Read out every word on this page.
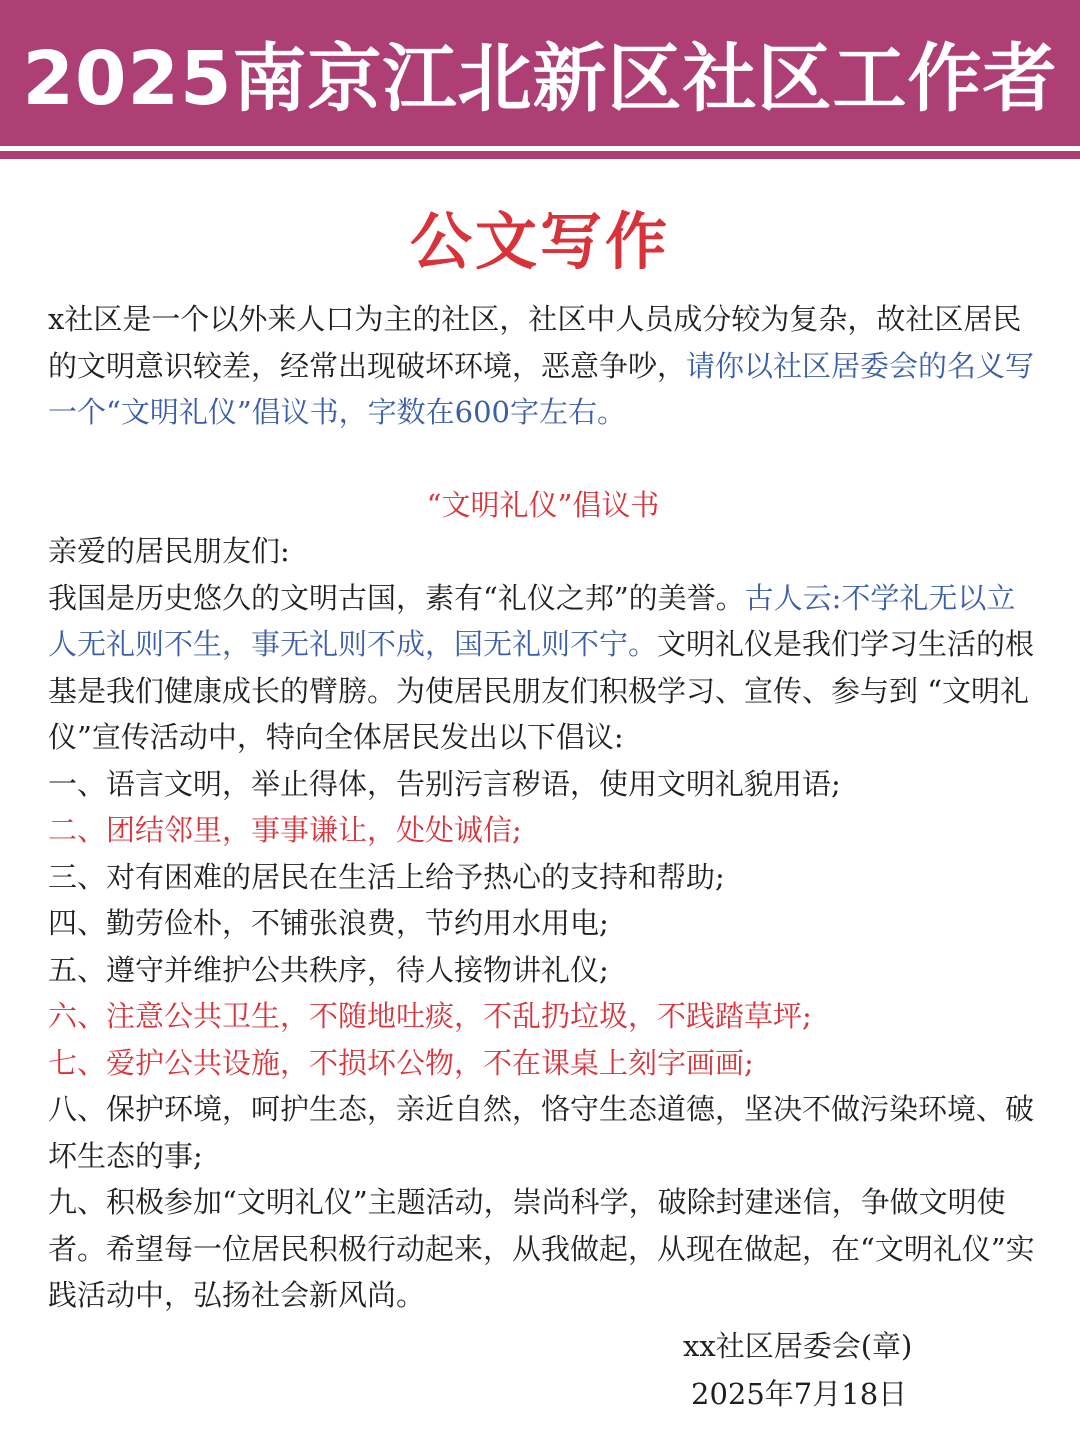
2025南京江北新区社区工作者
公文写作

x社区是一个以外来人口为主的社区，社区中人员成分较为复杂，故社区居民的文明意识较差，经常出现破坏环境，恶意争吵，请你以社区居委会的名义写一个“文明礼仪”倡议书，字数在600字左右。

“文明礼仪”倡议书

亲爱的居民朋友们:

我国是历史悠久的文明古国，素有“礼仪之邦”的美誉。古人云:不学礼无以立人无礼则不生，事无礼则不成，国无礼则不宁。文明礼仪是我们学习生活的根基是我们健康成长的臂膀。为使居民朋友们积极学习、宣传、参与到 “文明礼仪”宣传活动中，特向全体居民发出以下倡议:

一、语言文明，举止得体，告别污言秽语，使用文明礼貌用语;

二、团结邻里，事事谦让，处处诚信;

三、对有困难的居民在生活上给予热心的支持和帮助;

四、勤劳俭朴，不铺张浪费，节约用水用电;

五、遵守并维护公共秩序，待人接物讲礼仪;

六、注意公共卫生，不随地吐痰，不乱扔垃圾，不践踏草坪;

七、爱护公共设施，不损坏公物，不在课桌上刻字画画;

八、保护环境，呵护生态，亲近自然，恪守生态道德，坚决不做污染环境、破坏生态的事;

九、积极参加“文明礼仪”主题活动，崇尚科学，破除封建迷信，争做文明使者。希望每一位居民积极行动起来，从我做起，从现在做起，在“文明礼仪”实践活动中，弘扬社会新风尚。

xx社区居委会(章)
2025年7月18日
